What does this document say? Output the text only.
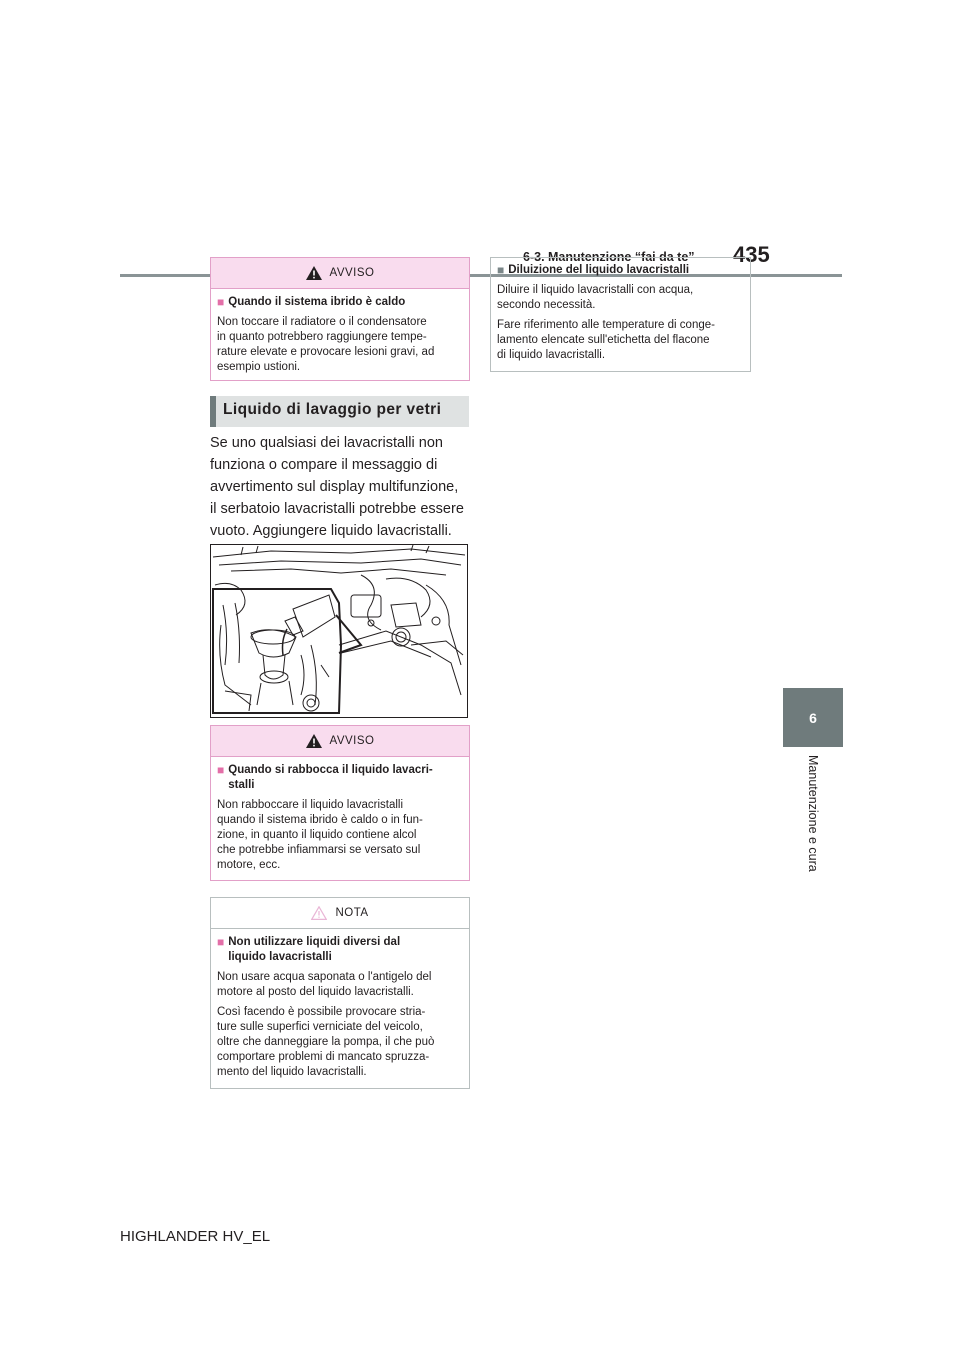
6-3. Manutenzione “fai da te” 435
6
Manutenzione e cura
AVVISO
■ Quando il sistema ibrido è caldo
Non toccare il radiatore o il condensatore
in quanto potrebbero raggiungere tempe-
rature elevate e provocare lesioni gravi, ad
esempio ustioni.
Liquido di lavaggio per vetri
Se uno qualsiasi dei lavacristalli non
funziona o compare il messaggio di
avvertimento sul display multifunzione,
il serbatoio lavacristalli potrebbe essere
vuoto. Aggiungere liquido lavacristalli.
AVVISO
■ Quando si rabbocca il liquido lavacri-
stalli
Non rabboccare il liquido lavacristalli
quando il sistema ibrido è caldo o in fun-
zione, in quanto il liquido contiene alcol
che potrebbe infiammarsi se versato sul
motore, ecc.
NOTA
■ Non utilizzare liquidi diversi dal
liquido lavacristalli
Non usare acqua saponata o l'antigelo del
motore al posto del liquido lavacristalli.
Così facendo è possibile provocare stria-
ture sulle superfici verniciate del veicolo,
oltre che danneggiare la pompa, il che può
comportare problemi di mancato spruzza-
mento del liquido lavacristalli.
■ Diluizione del liquido lavacristalli
Diluire il liquido lavacristalli con acqua,
secondo necessità.
Fare riferimento alle temperature di conge-
lamento elencate sull'etichetta del flacone
di liquido lavacristalli.
HIGHLANDER HV_EL
